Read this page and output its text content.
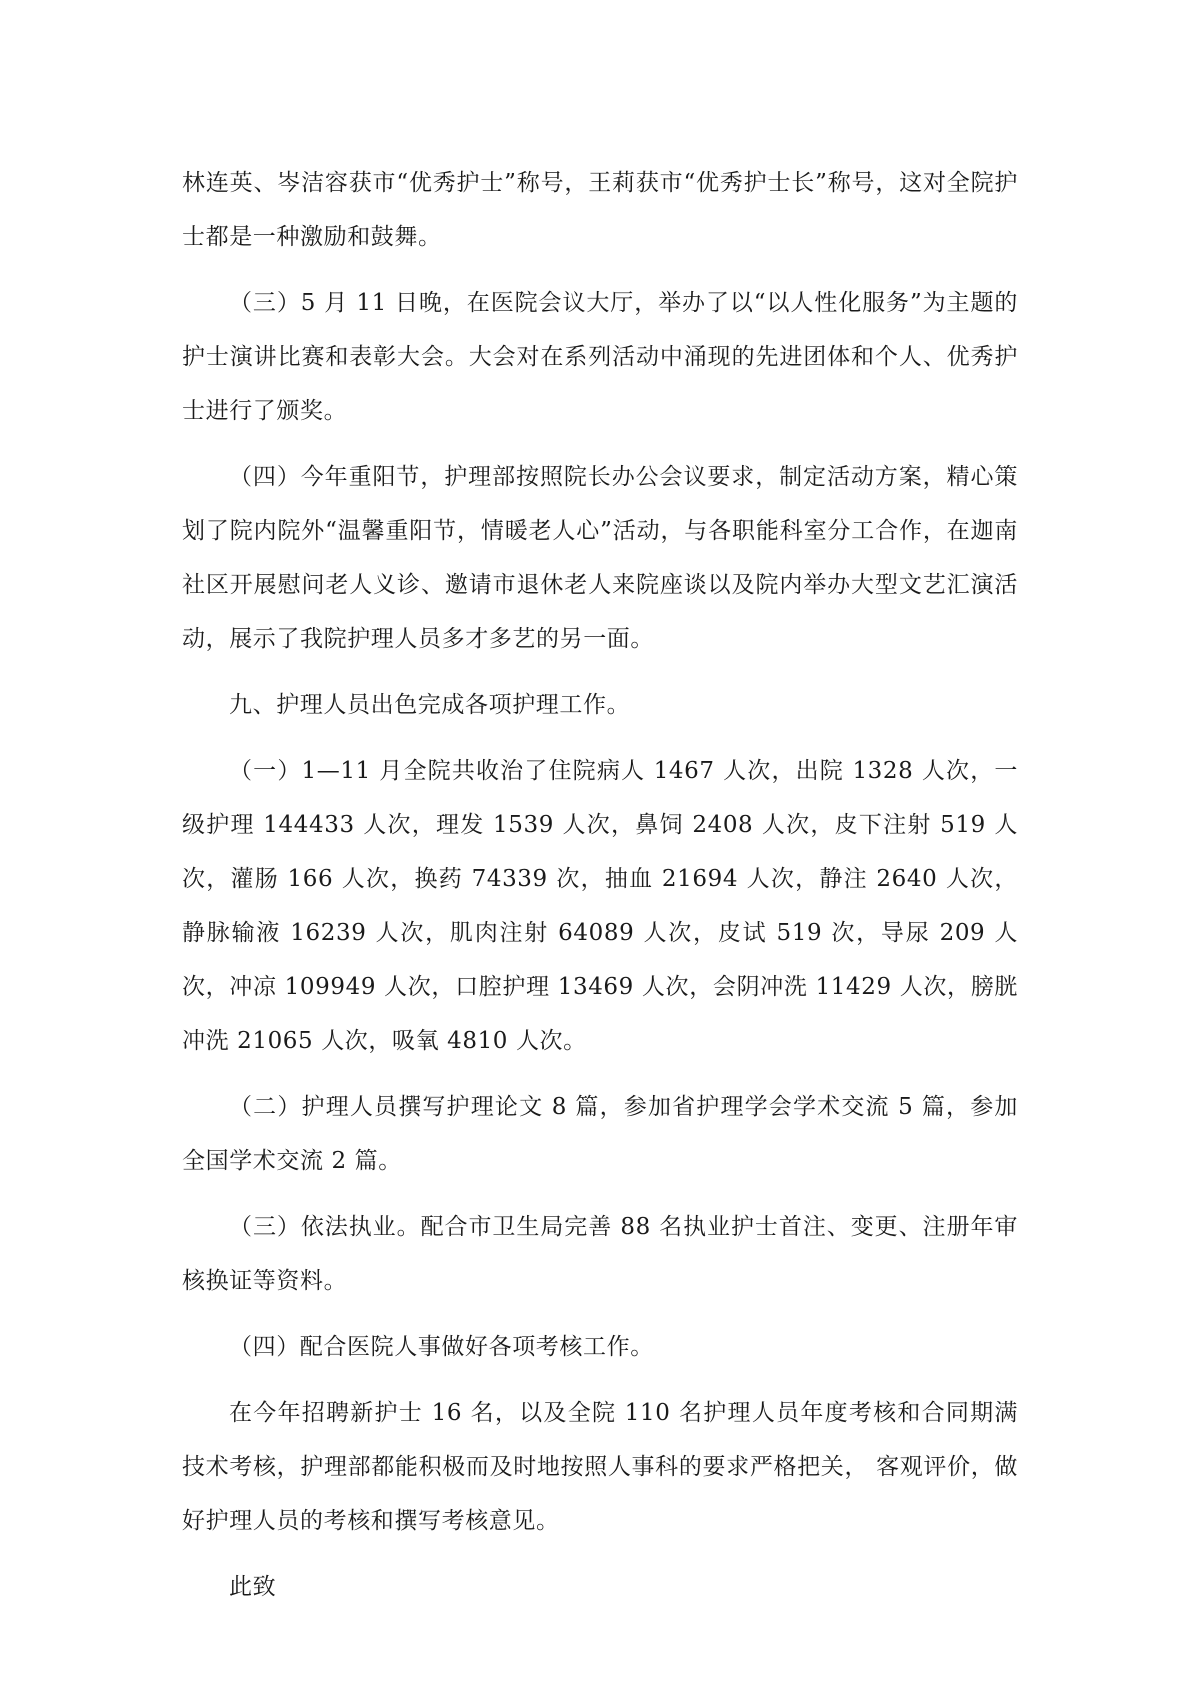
林连英、岑洁容获市“优秀护士”称号，王莉获市“优秀护士长”称号，这对全院护士都是一种激励和鼓舞。

（三）5 月 11 日晚，在医院会议大厅，举办了以“以人性化服务”为主题的护士演讲比赛和表彰大会。大会对在系列活动中涌现的先进团体和个人、优秀护士进行了颁奖。

（四）今年重阳节，护理部按照院长办公会议要求，制定活动方案，精心策划了院内院外“温馨重阳节，情暖老人心”活动，与各职能科室分工合作，在迦南社区开展慰问老人义诊、邀请市退休老人来院座谈以及院内举办大型文艺汇演活动，展示了我院护理人员多才多艺的另一面。

九、护理人员出色完成各项护理工作。

（一）1—11 月全院共收治了住院病人 1467 人次，出院 1328 人次，一级护理 144433 人次，理发 1539 人次，鼻饲 2408 人次，皮下注射 519 人次，灌肠 166 人次，换药 74339 次，抽血 21694 人次，静注 2640 人次，静脉输液 16239 人次，肌肉注射 64089 人次，皮试 519 次，导尿 209 人次，冲凉 109949 人次，口腔护理 13469 人次，会阴冲洗 11429 人次，膀胱冲洗 21065 人次，吸氧 4810 人次。

（二）护理人员撰写护理论文 8 篇，参加省护理学会学术交流 5 篇，参加全国学术交流 2 篇。

（三）依法执业。配合市卫生局完善 88 名执业护士首注、变更、注册年审核换证等资料。

（四）配合医院人事做好各项考核工作。

在今年招聘新护士 16 名，以及全院 110 名护理人员年度考核和合同期满技术考核，护理部都能积极而及时地按照人事科的要求严格把关， 客观评价，做好护理人员的考核和撰写考核意见。

此致
